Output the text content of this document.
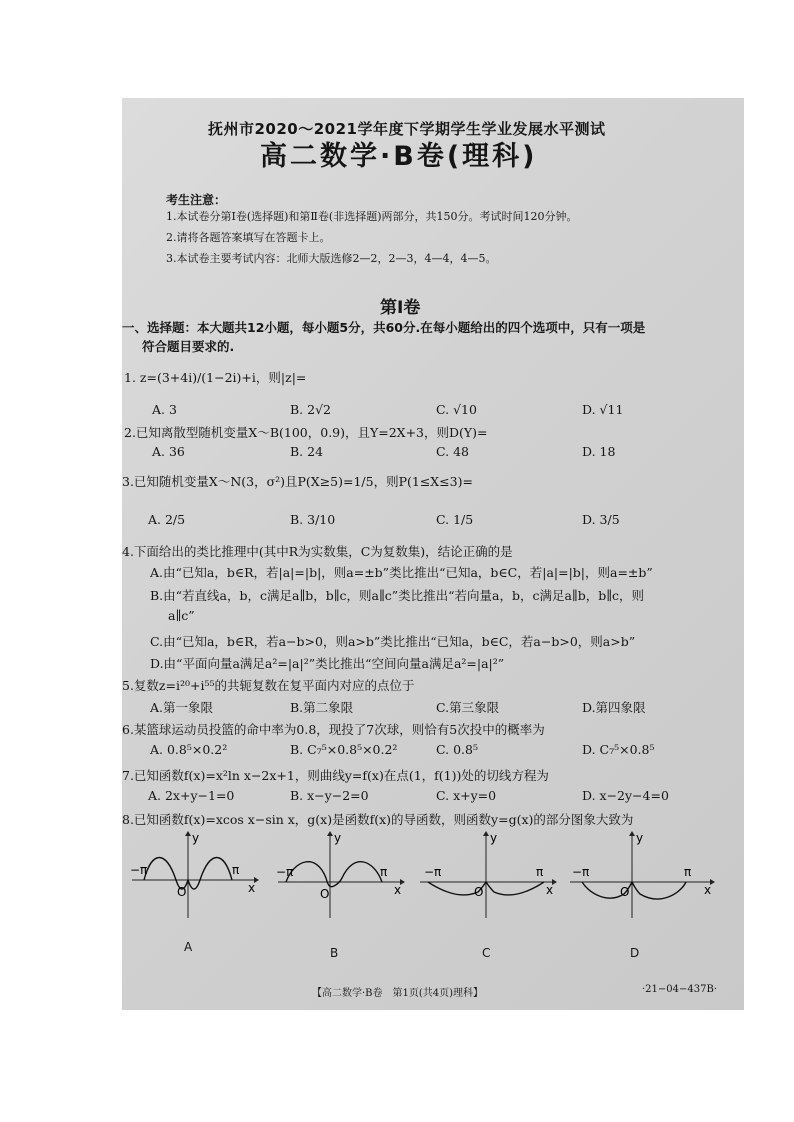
抚州市2020～2021学年度下学期学生学业发展水平测试
高二数学·B卷(理科)
考生注意：
1.本试卷分第Ⅰ卷(选择题)和第Ⅱ卷(非选择题)两部分，共150分。考试时间120分钟。
2.请将各题答案填写在答题卡上。
3.本试卷主要考试内容：北师大版选修2—2，2—3，4—4，4—5。
第Ⅰ卷
一、选择题：本大题共12小题，每小题5分，共60分.在每小题给出的四个选项中，只有一项是
符合题目要求的.
1. z=(3+4i)/(1−2i)+i，则|z|=
A. 3	B. 2√2	C. √10	D. √11
2.已知离散型随机变量X～B(100，0.9)，且Y=2X+3，则D(Y)=
A. 36	B. 24	C. 48	D. 18
3.已知随机变量X～N(3，σ²)且P(X≥5)=1/5，则P(1≤X≤3)=
A. 2/5	B. 3/10	C. 1/5	D. 3/5
4.下面给出的类比推理中(其中R为实数集，C为复数集)，结论正确的是
A.由“已知a，b∈R，若|a|=|b|，则a=±b”类比推出“已知a，b∈C，若|a|=|b|，则a=±b”
B.由“若直线a，b，c满足a∥b，b∥c，则a∥c”类比推出“若向量a，b，c满足a∥b，b∥c，则
a∥c”
C.由“已知a，b∈R，若a−b>0，则a>b”类比推出“已知a，b∈C，若a−b>0，则a>b”
D.由“平面向量a满足a²=|a|²”类比推出“空间向量a满足a²=|a|²”
5.复数z=i²⁰+i⁵⁵的共轭复数在复平面内对应的点位于
A.第一象限	B.第二象限	C.第三象限	D.第四象限
6.某篮球运动员投篮的命中率为0.8，现投了7次球，则恰有5次投中的概率为
A. 0.8⁵×0.2²	B. C₇⁵×0.8⁵×0.2²	C. 0.8⁵	D. C₇⁵×0.8⁵
7.已知函数f(x)=x²ln x−2x+1，则曲线y=f(x)在点(1，f(1))处的切线方程为
A. 2x+y−1=0	B. x−y−2=0	C. x+y=0	D. x−2y−4=0
8.已知函数f(x)=xcos x−sin x，g(x)是函数f(x)的导函数，则函数y=g(x)的部分图象大致为
y
x
O
−π	π
A
y
x
O
−π	π
B
y
x
O
−π	π
C
y
x
O
−π	π
D
【高二数学·B卷　第1页(共4页)理科】	·21−04−437B·
